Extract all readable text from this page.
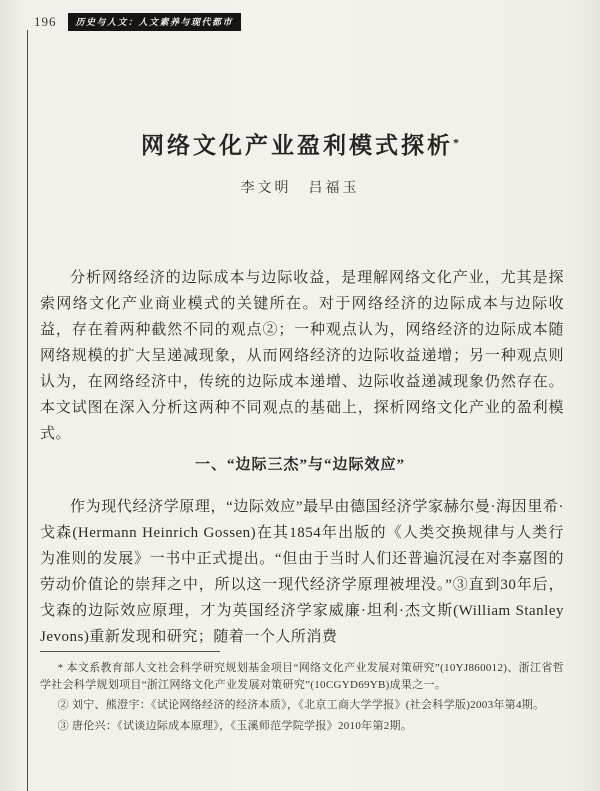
196	历史与人文：人文素养与现代都市
网络文化产业盈利模式探析*
李文明　吕福玉

分析网络经济的边际成本与边际收益，是理解网络文化产业，尤其是探索网络文化产业商业模式的关键所在。对于网络经济的边际成本与边际收益，存在着两种截然不同的观点②；一种观点认为，网络经济的边际成本随网络规模的扩大呈递减现象，从而网络经济的边际收益递增；另一种观点则认为，在网络经济中，传统的边际成本递增、边际收益递减现象仍然存在。本文试图在深入分析这两种不同观点的基础上，探析网络文化产业的盈利模式。

一、“边际三杰”与“边际效应”

作为现代经济学原理，“边际效应”最早由德国经济学家赫尔曼·海因里希·戈森(Hermann Heinrich Gossen)在其1854年出版的《人类交换规律与人类行为准则的发展》一书中正式提出。“但由于当时人们还普遍沉浸在对李嘉图的劳动价值论的崇拜之中，所以这一现代经济学原理被埋没。”③直到30年后，戈森的边际效应原理，才为英国经济学家威廉·坦利·杰文斯(William Stanley Jevons)重新发现和研究；随着一个人所消费

* 本文系教育部人文社会科学研究规划基金项目“网络文化产业发展对策研究”(10YJ860012)、浙江省哲学社会科学规划项目“浙江网络文化产业发展对策研究”(10CGYD69YB)成果之一。

② 刘宁、熊澄宇：《试论网络经济的经济本质》，《北京工商大学学报》(社会科学版)2003年第4期。

③ 唐伦兴：《试谈边际成本原理》，《玉溪师范学院学报》2010年第2期。
